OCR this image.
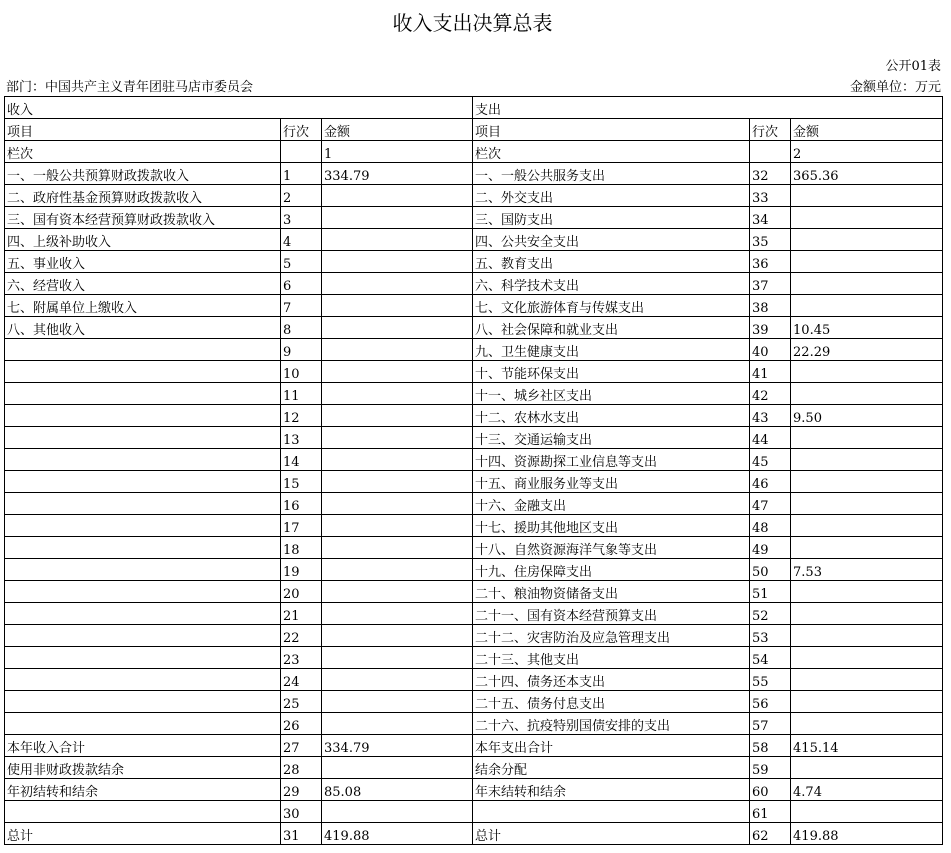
收入支出决算总表
公开01表
部门：中国共产主义青年团驻马店市委员会	金额单位：万元
收入			支出		
项目	行次	金额	项目	行次	金额
栏次		1	栏次		2
一、一般公共预算财政拨款收入	1	334.79	一、一般公共服务支出	32	365.36
二、政府性基金预算财政拨款收入	2		二、外交支出	33	
三、国有资本经营预算财政拨款收入	3		三、国防支出	34	
四、上级补助收入	4		四、公共安全支出	35	
五、事业收入	5		五、教育支出	36	
六、经营收入	6		六、科学技术支出	37	
七、附属单位上缴收入	7		七、文化旅游体育与传媒支出	38	
八、其他收入	8		八、社会保障和就业支出	39	10.45
	9		九、卫生健康支出	40	22.29
	10		十、节能环保支出	41	
	11		十一、城乡社区支出	42	
	12		十二、农林水支出	43	9.50
	13		十三、交通运输支出	44	
	14		十四、资源勘探工业信息等支出	45	
	15		十五、商业服务业等支出	46	
	16		十六、金融支出	47	
	17		十七、援助其他地区支出	48	
	18		十八、自然资源海洋气象等支出	49	
	19		十九、住房保障支出	50	7.53
	20		二十、粮油物资储备支出	51	
	21		二十一、国有资本经营预算支出	52	
	22		二十二、灾害防治及应急管理支出	53	
	23		二十三、其他支出	54	
	24		二十四、债务还本支出	55	
	25		二十五、债务付息支出	56	
	26		二十六、抗疫特别国债安排的支出	57	
本年收入合计	27	334.79	本年支出合计	58	415.14
使用非财政拨款结余	28		结余分配	59	
年初结转和结余	29	85.08	年末结转和结余	60	4.74
	30			61	
总计	31	419.88	总计	62	419.88
